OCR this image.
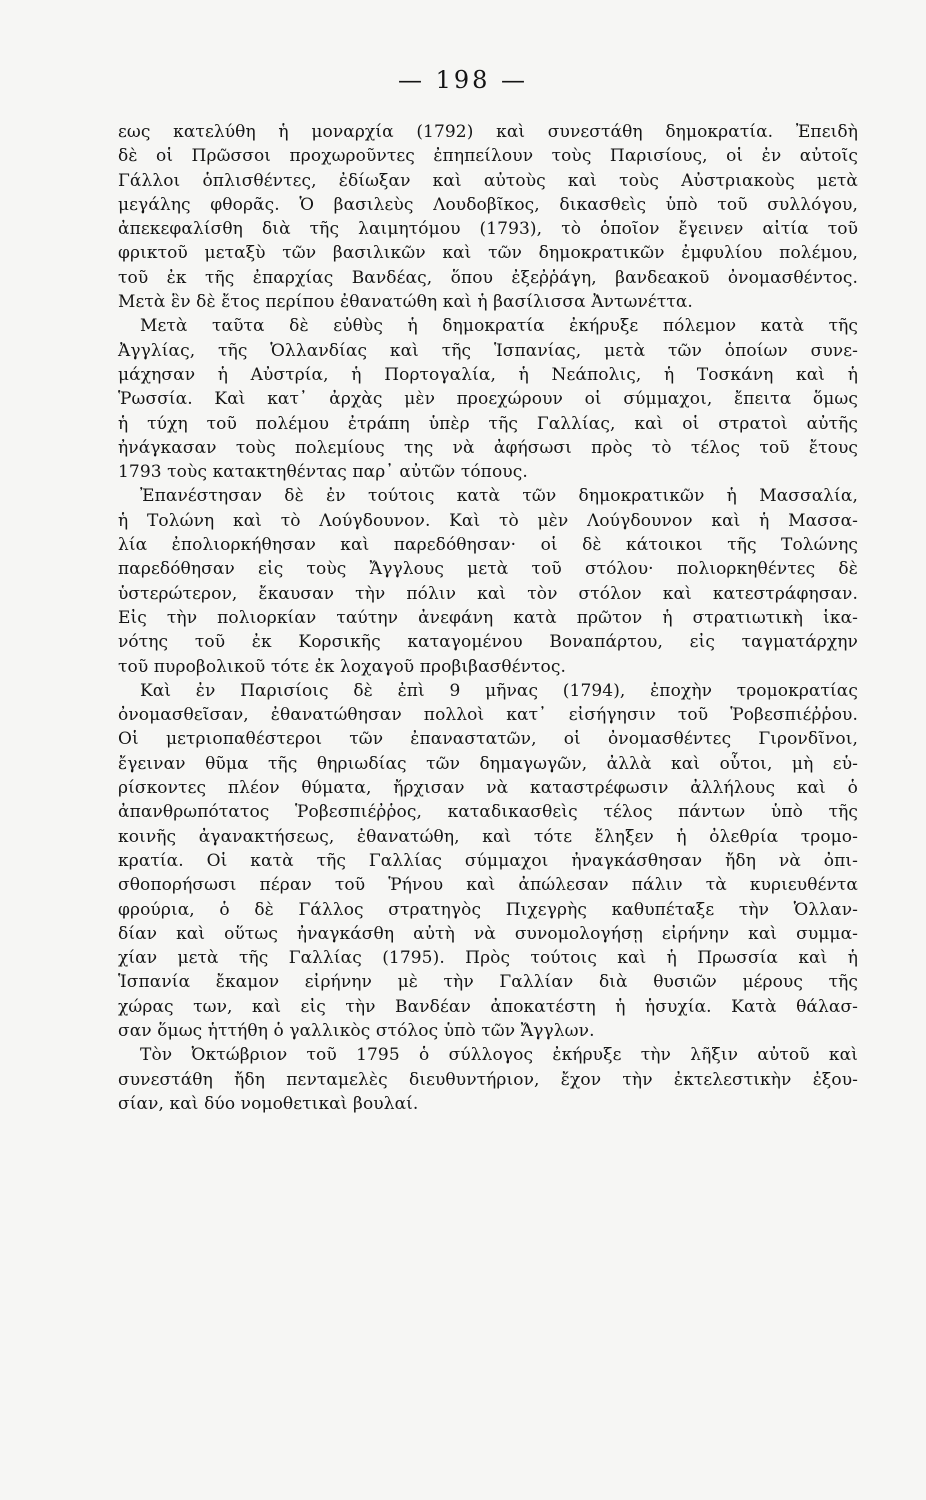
— 198 —
εως κατελύθη ἡ μοναρχία (1792) καὶ συνεστάθη δημοκρατία. Ἐπειδὴ
δὲ οἱ Πρῶσσοι προχωροῦντες ἐπηπείλουν τοὺς Παρισίους, οἱ ἐν αὐτοῖς
Γάλλοι ὁπλισθέντες, ἐδίωξαν καὶ αὐτοὺς καὶ τοὺς Αὐστριακοὺς μετὰ
μεγάλης φθορᾶς. Ὁ βασιλεὺς Λουδοβῖκος, δικασθεὶς ὑπὸ τοῦ συλλόγου,
ἀπεκεφαλίσθη διὰ τῆς λαιμητόμου (1793), τὸ ὁποῖον ἔγεινεν αἰτία τοῦ
φρικτοῦ μεταξὺ τῶν βασιλικῶν καὶ τῶν δημοκρατικῶν ἐμφυλίου πολέμου,
τοῦ ἐκ τῆς ἐπαρχίας Βανδέας, ὅπου ἐξεῤῥάγη, βανδεακοῦ ὀνομασθέντος.
Μετὰ ἓν δὲ ἔτος περίπου ἐθανατώθη καὶ ἡ βασίλισσα Ἀντωνέττα.
Μετὰ ταῦτα δὲ εὐθὺς ἡ δημοκρατία ἐκήρυξε πόλεμον κατὰ τῆς
Ἀγγλίας, τῆς Ὁλλανδίας καὶ τῆς Ἱσπανίας, μετὰ τῶν ὁποίων συνε-
μάχησαν ἡ Αὐστρία, ἡ Πορτογαλία, ἡ Νεάπολις, ἡ Τοσκάνη καὶ ἡ
Ῥωσσία. Καὶ κατ᾽ ἀρχὰς μὲν προεχώρουν οἱ σύμμαχοι, ἔπειτα ὅμως
ἡ τύχη τοῦ πολέμου ἐτράπη ὑπὲρ τῆς Γαλλίας, καὶ οἱ στρατοὶ αὐτῆς
ἠνάγκασαν τοὺς πολεμίους της νὰ ἀφήσωσι πρὸς τὸ τέλος τοῦ ἔτους
1793 τοὺς κατακτηθέντας παρ᾽ αὐτῶν τόπους.
Ἐπανέστησαν δὲ ἐν τούτοις κατὰ τῶν δημοκρατικῶν ἡ Μασσαλία,
ἡ Τολώνη καὶ τὸ Λούγδουνον. Καὶ τὸ μὲν Λούγδουνον καὶ ἡ Μασσα-
λία ἐπολιορκήθησαν καὶ παρεδόθησαν· οἱ δὲ κάτοικοι τῆς Τολώνης
παρεδόθησαν εἰς τοὺς Ἄγγλους μετὰ τοῦ στόλου· πολιορκηθέντες δὲ
ὑστερώτερον, ἔκαυσαν τὴν πόλιν καὶ τὸν στόλον καὶ κατεστράφησαν.
Εἰς τὴν πολιορκίαν ταύτην ἀνεφάνη κατὰ πρῶτον ἡ στρατιωτικὴ ἱκα-
νότης τοῦ ἐκ Κορσικῆς καταγομένου Βοναπάρτου, εἰς ταγματάρχην
τοῦ πυροβολικοῦ τότε ἐκ λοχαγοῦ προβιβασθέντος.
Καὶ ἐν Παρισίοις δὲ ἐπὶ 9 μῆνας (1794), ἐποχὴν τρομοκρατίας
ὀνομασθεῖσαν, ἐθανατώθησαν πολλοὶ κατ᾽ εἰσήγησιν τοῦ Ῥοβεσπιέῤῥου.
Οἱ μετριοπαθέστεροι τῶν ἐπαναστατῶν, οἱ ὀνομασθέντες Γιρονδῖνοι,
ἔγειναν θῦμα τῆς θηριωδίας τῶν δημαγωγῶν, ἀλλὰ καὶ οὗτοι, μὴ εὑ-
ρίσκοντες πλέον θύματα, ἤρχισαν νὰ καταστρέφωσιν ἀλλήλους καὶ ὁ
ἀπανθρωπότατος Ῥοβεσπιέῤῥος, καταδικασθεὶς τέλος πάντων ὑπὸ τῆς
κοινῆς ἀγανακτήσεως, ἐθανατώθη, καὶ τότε ἔληξεν ἡ ὀλεθρία τρομο-
κρατία. Οἱ κατὰ τῆς Γαλλίας σύμμαχοι ἠναγκάσθησαν ἤδη νὰ ὀπι-
σθοπορήσωσι πέραν τοῦ Ῥήνου καὶ ἀπώλεσαν πάλιν τὰ κυριευθέντα
φρούρια, ὁ δὲ Γάλλος στρατηγὸς Πιχεγρὴς καθυπέταξε τὴν Ὁλλαν-
δίαν καὶ οὕτως ἠναγκάσθη αὐτὴ νὰ συνομολογήσῃ εἰρήνην καὶ συμμα-
χίαν μετὰ τῆς Γαλλίας (1795). Πρὸς τούτοις καὶ ἡ Πρωσσία καὶ ἡ
Ἱσπανία ἔκαμον εἰρήνην μὲ τὴν Γαλλίαν διὰ θυσιῶν μέρους τῆς
χώρας των, καὶ εἰς τὴν Βανδέαν ἀποκατέστη ἡ ἡσυχία. Κατὰ θάλασ-
σαν ὅμως ἡττήθη ὁ γαλλικὸς στόλος ὑπὸ τῶν Ἄγγλων.
Τὸν Ὀκτώβριον τοῦ 1795 ὁ σύλλογος ἐκήρυξε τὴν λῆξιν αὐτοῦ καὶ
συνεστάθη ἤδη πενταμελὲς διευθυντήριον, ἔχον τὴν ἐκτελεστικὴν ἐξου-
σίαν, καὶ δύο νομοθετικαὶ βουλαί.
